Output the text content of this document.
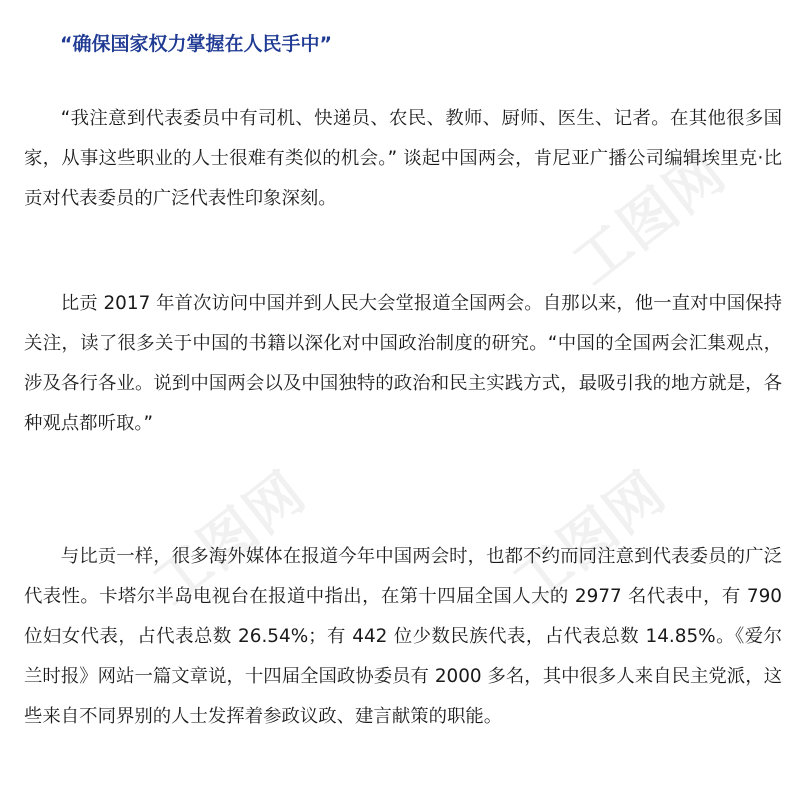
工图网
工图网	工图网
“确保国家权力掌握在人民手中”

“我注意到代表委员中有司机、快递员、农民、教师、厨师、医生、记者。在其他很多国家，从事这些职业的人士很难有类似的机会。” 谈起中国两会，肯尼亚广播公司编辑埃里克·比贡对代表委员的广泛代表性印象深刻。

比贡 2017 年首次访问中国并到人民大会堂报道全国两会。自那以来，他一直对中国保持关注，读了很多关于中国的书籍以深化对中国政治制度的研究。“中国的全国两会汇集观点，涉及各行各业。说到中国两会以及中国独特的政治和民主实践方式，最吸引我的地方就是，各种观点都听取。”

与比贡一样，很多海外媒体在报道今年中国两会时，也都不约而同注意到代表委员的广泛代表性。卡塔尔半岛电视台在报道中指出，在第十四届全国人大的 2977 名代表中，有 790 位妇女代表，占代表总数 26.54%；有 442 位少数民族代表，占代表总数 14.85%。《爱尔兰时报》网站一篇文章说，十四届全国政协委员有 2000 多名，其中很多人来自民主党派，这些来自不同界别的人士发挥着参政议政、建言献策的职能。
